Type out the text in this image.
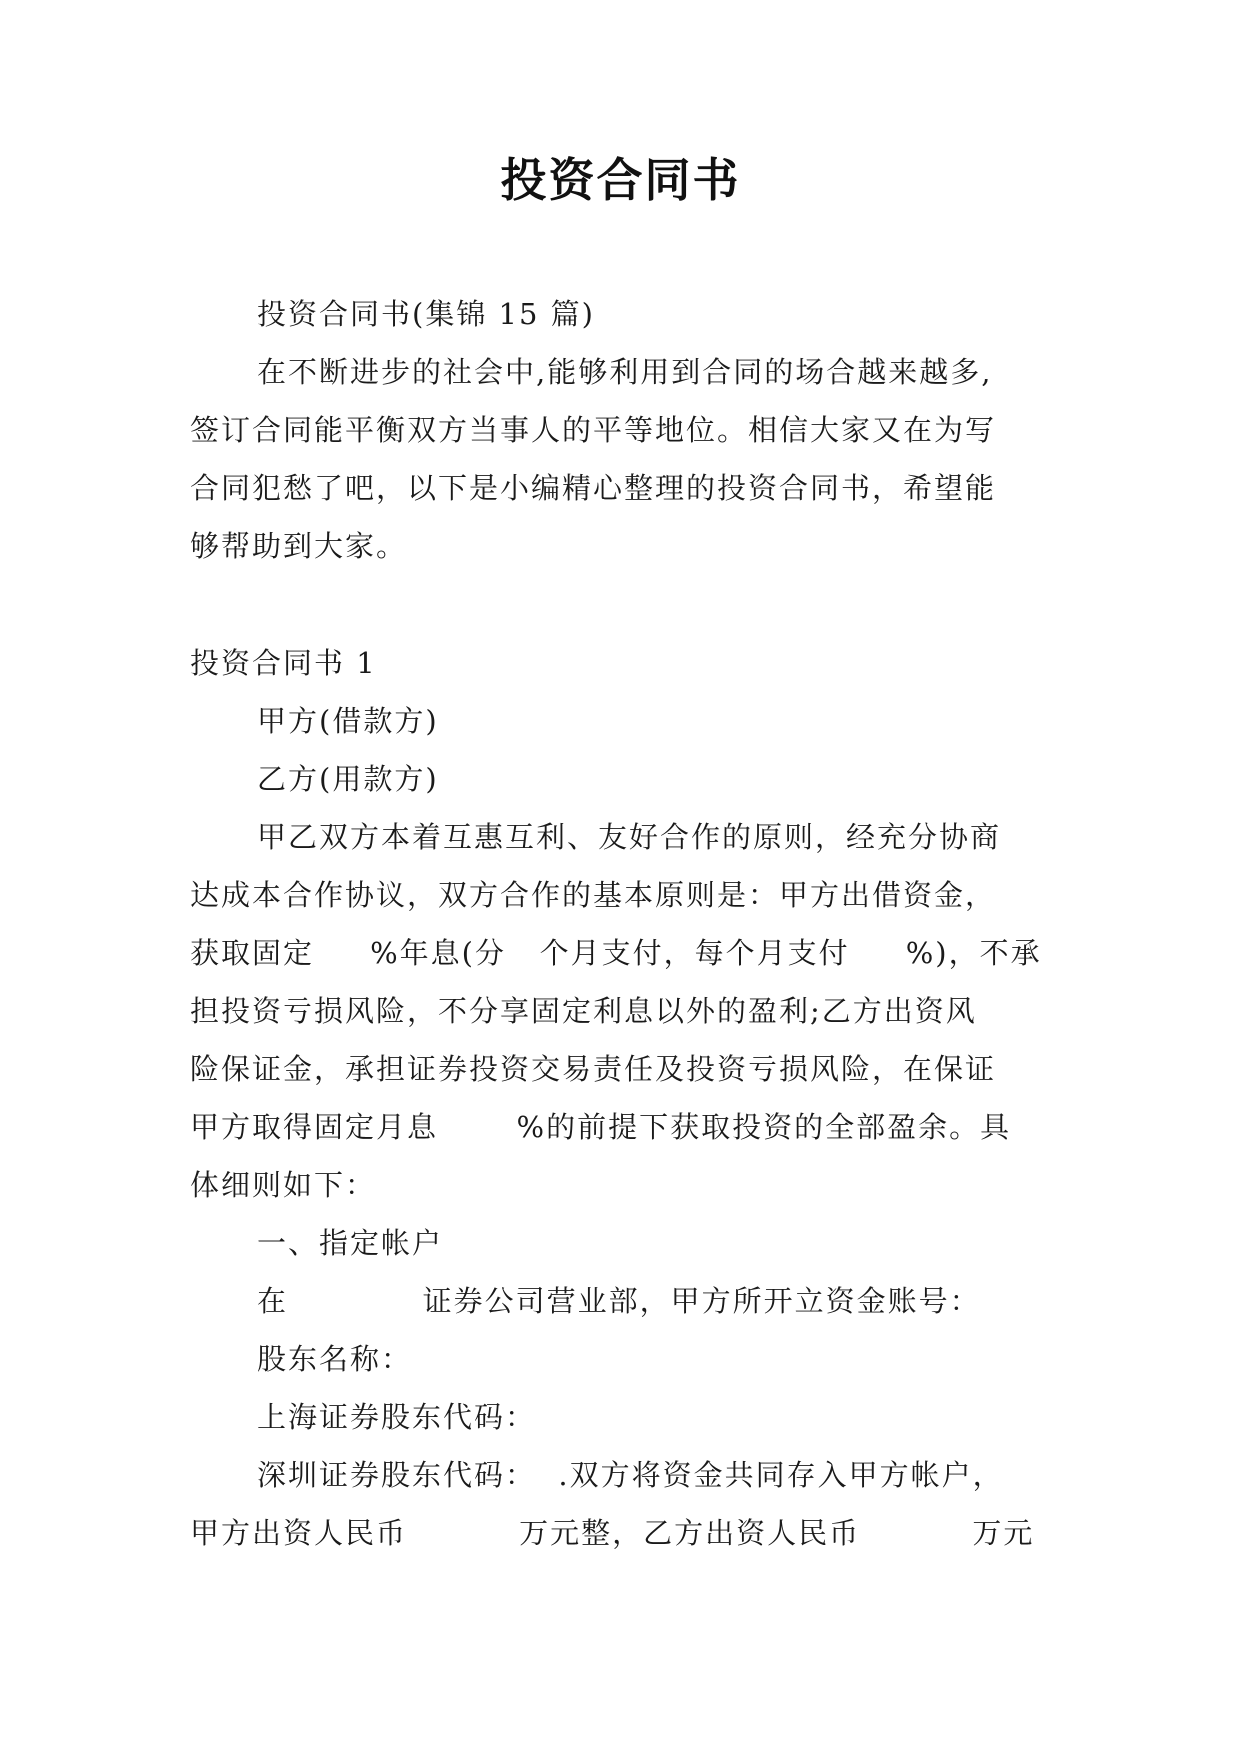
投资合同书
投资合同书(集锦 15 篇)
在不断进步的社会中,能够利用到合同的场合越来越多,
签订合同能平衡双方当事人的平等地位。相信大家又在为写
合同犯愁了吧，以下是小编精心整理的投资合同书，希望能
够帮助到大家。
投资合同书 1
甲方(借款方)
乙方(用款方)
甲乙双方本着互惠互利、友好合作的原则，经充分协商
达成本合作协议，双方合作的基本原则是：甲方出借资金，
获取固定     %年息(分   个月支付，每个月支付     %)，不承
担投资亏损风险，不分享固定利息以外的盈利;乙方出资风
险保证金，承担证券投资交易责任及投资亏损风险，在保证
甲方取得固定月息       %的前提下获取投资的全部盈余。具
体细则如下：
一、指定帐户
在            证券公司营业部，甲方所开立资金账号：
股东名称：
上海证券股东代码：
深圳证券股东代码：  .双方将资金共同存入甲方帐户，
甲方出资人民币          万元整，乙方出资人民币          万元
